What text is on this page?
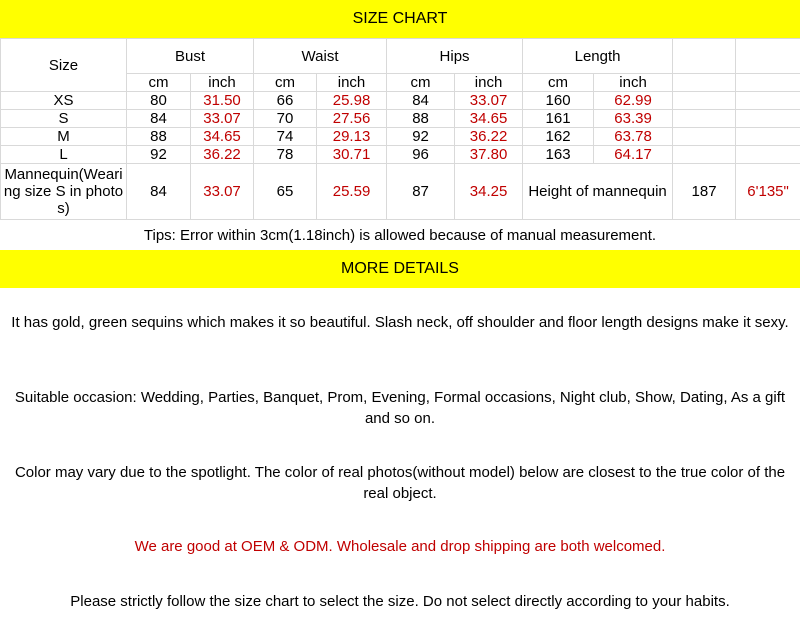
SIZE CHART
Size	Bust		Waist		Hips		Length			
	cm	inch	cm	inch	cm	inch	cm	inch		
XS	80	31.50	66	25.98	84	33.07	160	62.99		
S	84	33.07	70	27.56	88	34.65	161	63.39		
M	88	34.65	74	29.13	92	36.22	162	63.78		
L	92	36.22	78	30.71	96	37.80	163	64.17		
Mannequin(Wearing size S in photos)	84	33.07	65	25.59	87	34.25	Height of mannequin		187	6'135"
Tips: Error within 3cm(1.18inch) is allowed because of manual measurement.
MORE DETAILS
It has gold, green sequins which makes it so beautiful. Slash neck, off shoulder and floor length designs make it sexy.
Suitable occasion: Wedding, Parties, Banquet, Prom, Evening, Formal occasions, Night club, Show, Dating, As a gift and so on.
Color may vary due to the spotlight. The color of real photos(without model) below are closest to the true color of the real object.
We are good at OEM & ODM. Wholesale and drop shipping are both welcomed.
Please strictly follow the size chart to select the size. Do not select directly according to your habits.
